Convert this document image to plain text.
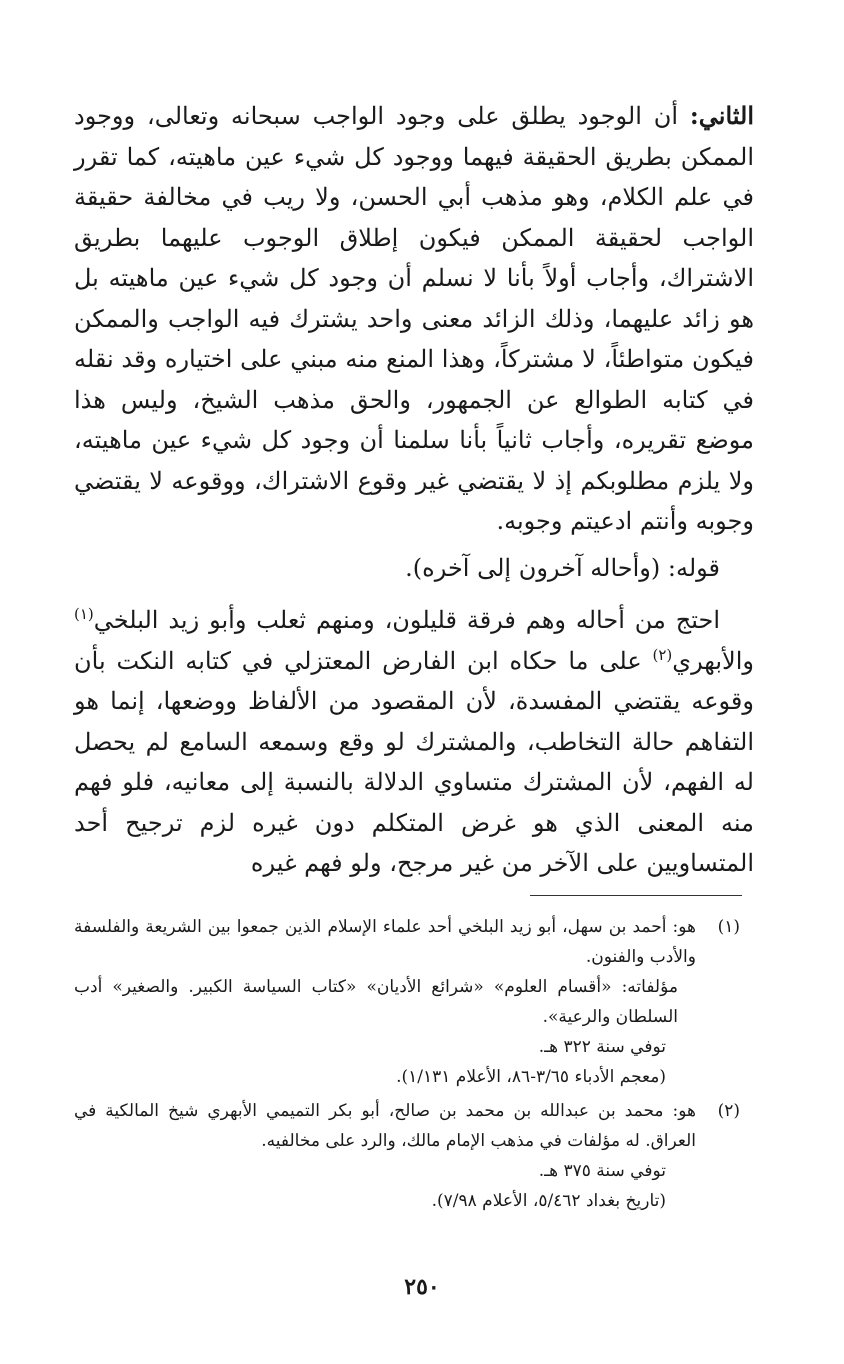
الثاني: أن الوجود يطلق على وجود الواجب سبحانه وتعالى، ووجود الممكن بطريق الحقيقة فيهما ووجود كل شيء عين ماهيته، كما تقرر في علم الكلام، وهو مذهب أبي الحسن، ولا ريب في مخالفة حقيقة الواجب لحقيقة الممكن فيكون إطلاق الوجوب عليهما بطريق الاشتراك، وأجاب أولاً بأنا لا نسلم أن وجود كل شيء عين ماهيته بل هو زائد عليهما، وذلك الزائد معنى واحد يشترك فيه الواجب والممكن فيكون متواطئاً، لا مشتركاً، وهذا المنع منه مبني على اختياره وقد نقله في كتابه الطوالع عن الجمهور، والحق مذهب الشيخ، وليس هذا موضع تقريره، وأجاب ثانياً بأنا سلمنا أن وجود كل شيء عين ماهيته، ولا يلزم مطلوبكم إذ لا يقتضي غير وقوع الاشتراك، ووقوعه لا يقتضي وجوبه وأنتم ادعيتم وجوبه.

قوله: (وأحاله آخرون إلى آخره).

احتج من أحاله وهم فرقة قليلون، ومنهم ثعلب وأبو زيد البلخي$^{(١)}$ والأبهري$^{(٢)}$ على ما حكاه ابن الفارض المعتزلي في كتابه النكت بأن وقوعه يقتضي المفسدة، لأن المقصود من الألفاظ ووضعها، إنما هو التفاهم حالة التخاطب، والمشترك لو وقع وسمعه السامع لم يحصل له الفهم، لأن المشترك متساوي الدلالة بالنسبة إلى معانيه، فلو فهم منه المعنى الذي هو غرض المتكلم دون غيره لزم ترجيح أحد المتساويين على الآخر من غير مرجح، ولو فهم غيره

(١)

هو: أحمد بن سهل، أبو زيد البلخي أحد علماء الإسلام الذين جمعوا بين الشريعة والفلسفة والأدب والفنون.

مؤلفاته: «أقسام العلوم» «شرائع الأديان» «كتاب السياسة الكبير. والصغير» أدب السلطان والرعية».

توفي سنة ٣٢٢ هـ.

(معجم الأدباء ٣/٦٥-٨٦، الأعلام ١/١٣١).

(٢)

هو: محمد بن عبدالله بن محمد بن صالح، أبو بكر التميمي الأبهري شيخ المالكية في العراق. له مؤلفات في مذهب الإمام مالك، والرد على مخالفيه.

توفي سنة ٣٧٥ هـ.

(تاريخ بغداد ٥/٤٦٢، الأعلام ٧/٩٨).

٢٥٠
